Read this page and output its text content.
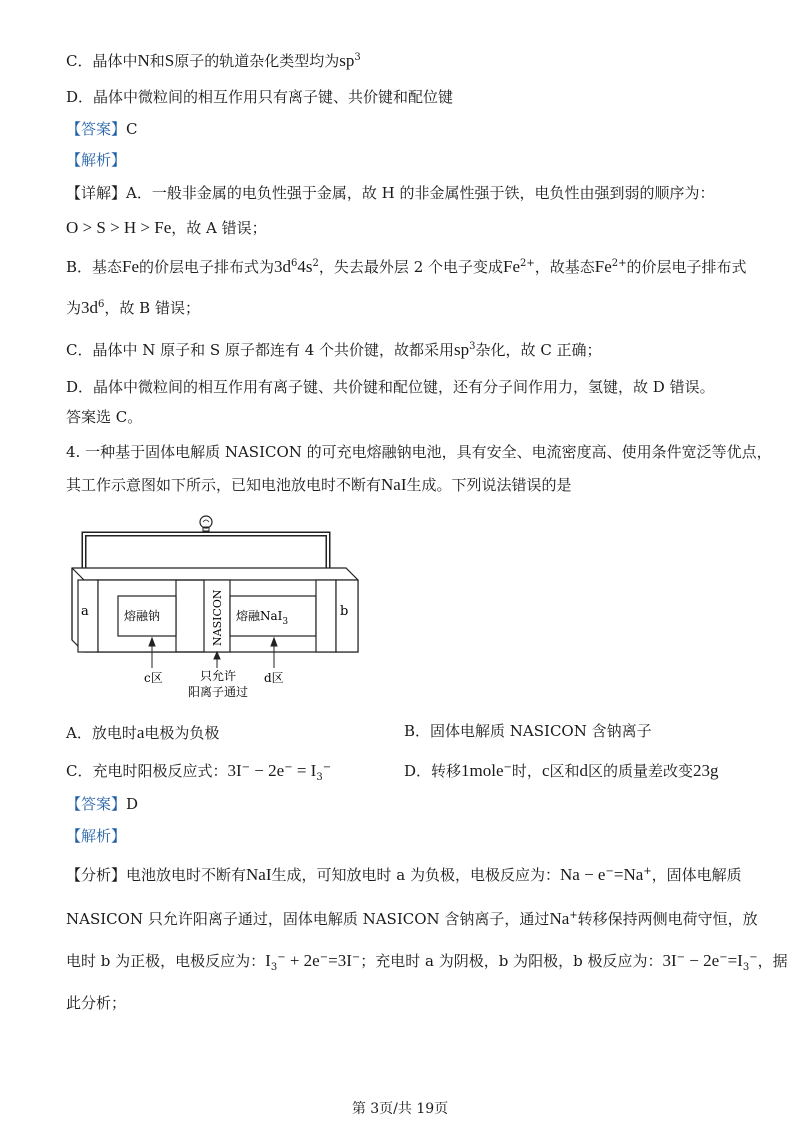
C．晶体中N和S原子的轨道杂化类型均为$sp^3$
D．晶体中微粒间的相互作用只有离子键、共价键和配位键
【答案】C
【解析】
【详解】A．一般非金属的电负性强于金属，故 H 的非金属性强于铁，电负性由强到弱的顺序为：
O > S > H > Fe，故 A 错误；
B．基态Fe的价层电子排布式为$3d^64s^2$，失去最外层 2 个电子变成$Fe^{2+}$，故基态$Fe^{2+}$的价层电子排布式
为$3d^6$，故 B 错误；
C．晶体中 N 原子和 S 原子都连有 4 个共价键，故都采用$sp^3$杂化，故 C 正确；
D．晶体中微粒间的相互作用有离子键、共价键和配位键，还有分子间作用力，氢键，故 D 错误。
答案选 C。
4. 一种基于固体电解质 NASICON 的可充电熔融钠电池，具有安全、电流密度高、使用条件宽泛等优点，
其工作示意图如下所示，已知电池放电时不断有NaI生成。下列说法错误的是
a	熔融钠	NASICON 熔融NaI$_3$
b
c区	d区
只允许
阳离子通过
A．放电时a电极为负极	B．固体电解质 NASICON 含钠离子
C．充电时阳极反应式：$3I^- - 2e^- = I_3^-$	D．转移1mole−时，c区和d区的质量差改变23g
【答案】D
【解析】
【分析】电池放电时不断有NaI生成，可知放电时 a 为负极，电极反应为：Na − e−=Na+，固体电解质
NASICON 只允许阳离子通过，固体电解质 NASICON 含钠离子，通过Na+转移保持两侧电荷守恒，放
电时 b 为正极，电极反应为：$I_3^- + 2e^-=3I^-$；充电时 a 为阴极，b 为阳极，b 极反应为：$3I^- - 2e^-=I_3^-$，据
此分析；
第 3页/共 19页
